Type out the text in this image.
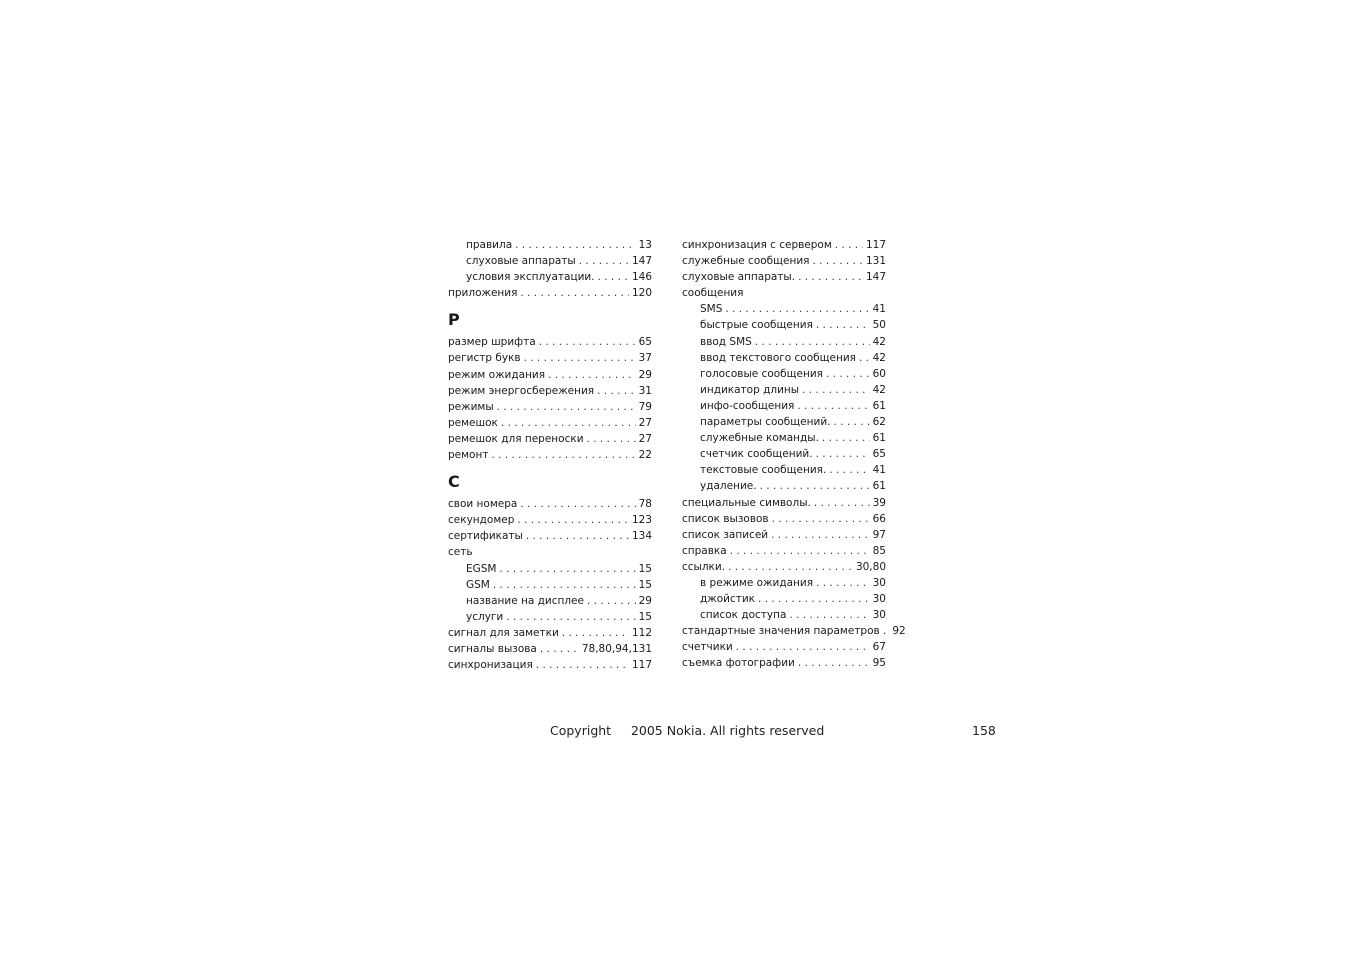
правила . . .	13
слуховые аппараты . . .	147
условия эксплуатации. . . .	146
приложения . . .	120
Р
размер шрифта . . .	65
регистр букв . . .	37
режим ожидания . . .	29
режим энергосбережения . . .	31
режимы . . .	79
ремешок . . .	27
ремешок для переноски . . .	27
ремонт . . .	22
С
свои номера . . .	78
секундомер . . .	123
сертификаты . . .	134
сеть
EGSM . . .	15
GSM . . .	15
название на дисплее . . .	29
услуги . . .	15
сигнал для заметки . . .	112
сигналы вызова . . .	78,80,94,131
синхронизация . . .	117
синхронизация с сервером . . .	117
служебные сообщения . . .	131
слуховые аппараты. . . .	147
сообщения
SMS . . .	41
быстрые сообщения . . .	50
ввод SMS . . .	42
ввод текстового сообщения . . . 42
голосовые сообщения . . .	60
индикатор длины . . .	42
инфо-сообщения . . .	61
параметры сообщений. . . .	62
служебные команды. . . .	61
счетчик сообщений. . . .	65
текстовые сообщения. . . .	41
удаление. . . .	61
специальные символы. . . .	39
список вызовов . . .	66
список записей . . .	97
справка . . .	85
ссылки. . . .	30,80
в режиме ожидания . . .	30
джойстик . . .	30
список доступа . . .	30
стандартные значения параметров . 92
счетчики . . .	67
съемка фотографии . . .	95
Copyright     2005 Nokia. All rights reserved	158
